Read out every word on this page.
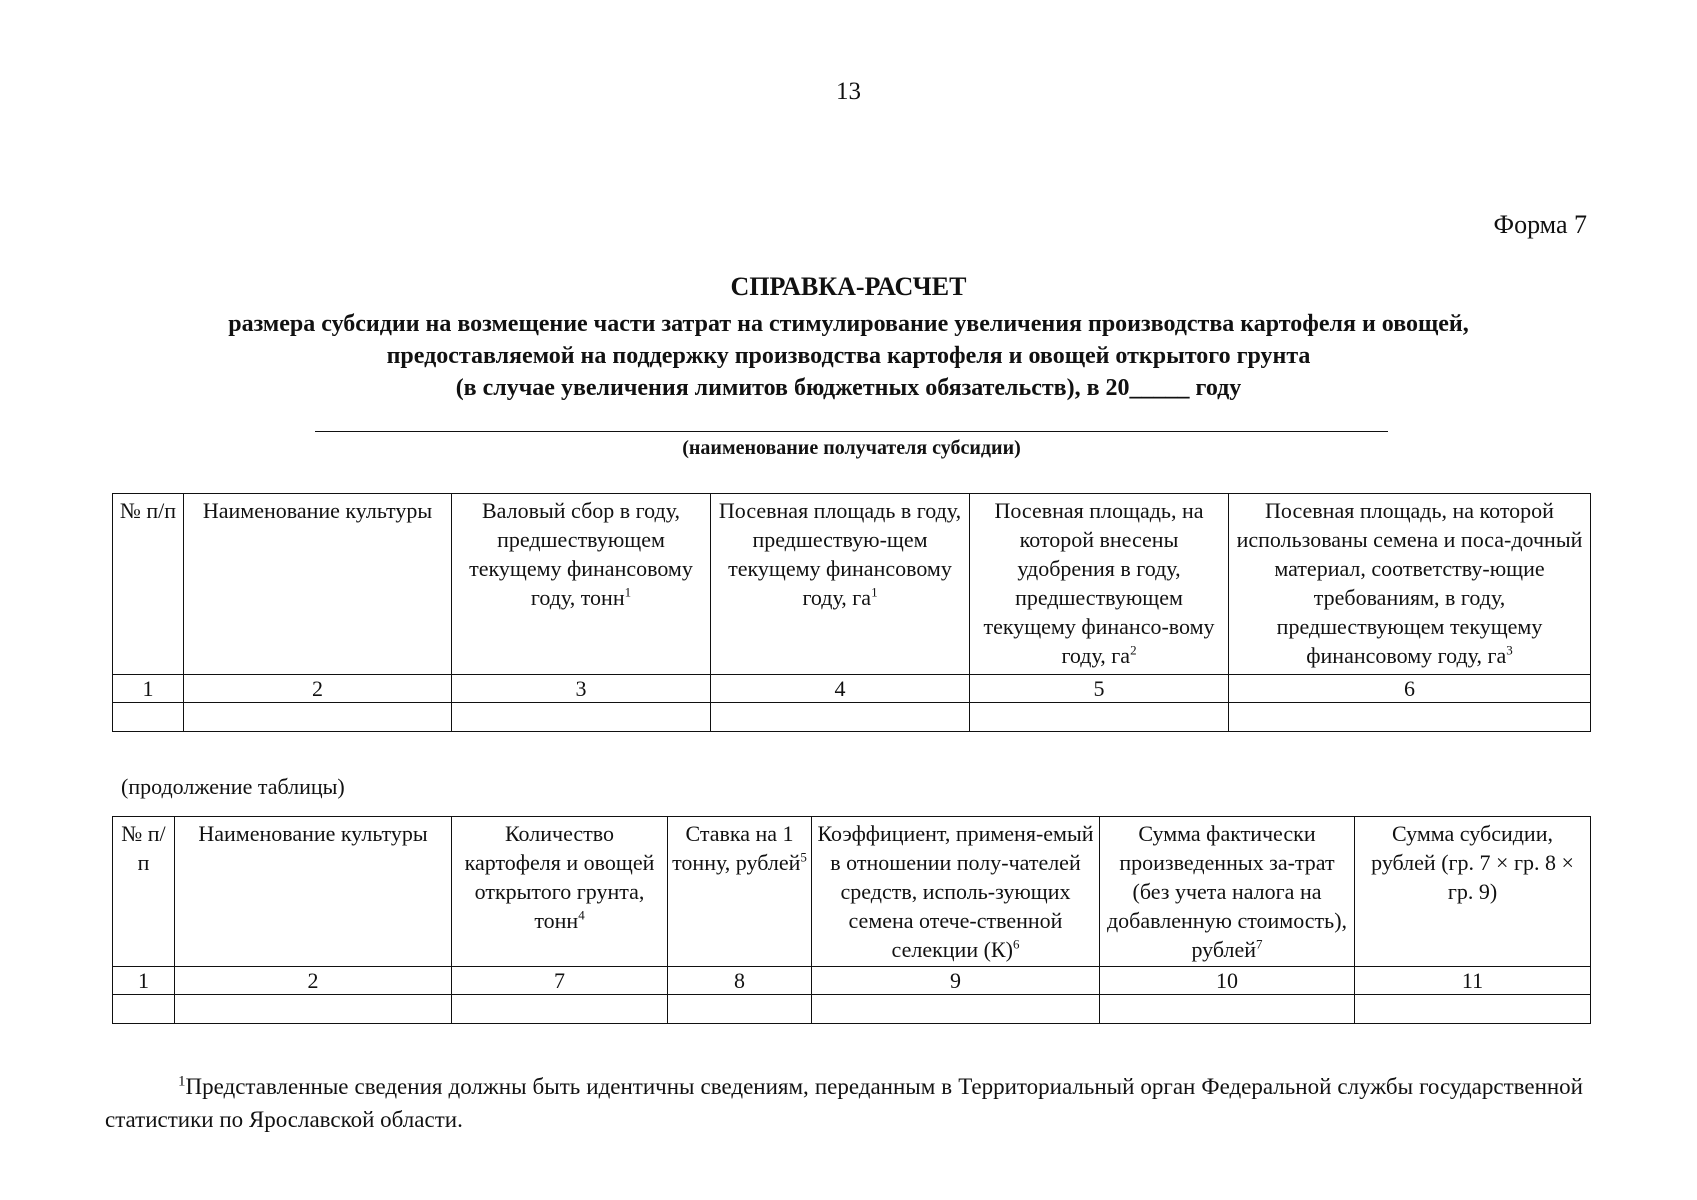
13
Форма 7
СПРАВКА-РАСЧЕТ
размера субсидии на возмещение части затрат на стимулирование увеличения производства картофеля и овощей,
предоставляемой на поддержку производства картофеля и овощей открытого грунта
(в случае увеличения лимитов бюджетных обязательств), в 20_____ году
(наименование получателя субсидии)
№ п/п	Наименование культуры	Валовый сбор в году, предшествующем текущему финансовому году, тонн$^1$	Посевная площадь в году, предшествую-щем текущему финансовому году, $га^1$	Посевная площадь, на которой внесены удобрения в году, предшествующем текущему финансо-вому году, $га^2$	Посевная площадь, на которой использованы семена и поса-дочный материал, соответству-ющие требованиям, в году, предшествующем текущему финансовому году, $га^3$
1	2	3	4	5	6

(продолжение таблицы)
№ п/п	Наименование культуры	Количество картофеля и овощей открытого грунта, тонн$^4$	Ставка на 1 тонну, рублей$^5$	Коэффициент, применя-емый в отношении полу-чателей средств, исполь-зующих семена отече-ственной селекции $(К)^6$	Сумма фактически произведенных за-трат (без учета налога на добавленную стоимость), рублей$^7$	Сумма субсидии, рублей (гр. 7 × гр. 8 × гр. 9)
1	2	7	8	9	10	11

$^1$Представленные сведения должны быть идентичны сведениям, переданным в Территориальный орган Федеральной службы государственной статистики по Ярославской области.
